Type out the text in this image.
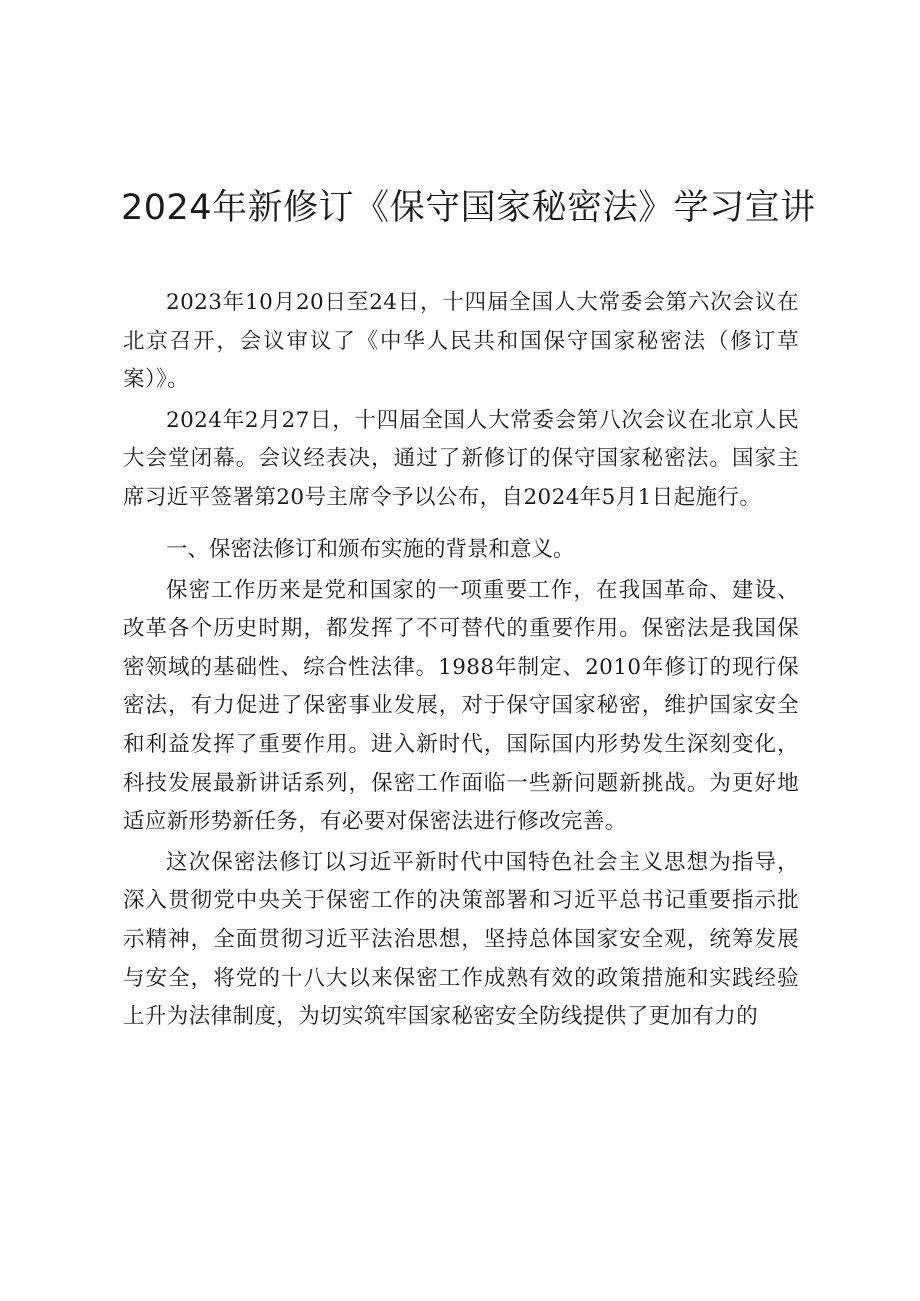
2024年新修订《保守国家秘密法》学习宣讲

2023年10月20日至24日，十四届全国人大常委会第六次会议在北京召开，会议审议了《中华人民共和国保守国家秘密法（修订草案）》。

2024年2月27日，十四届全国人大常委会第八次会议在北京人民大会堂闭幕。会议经表决，通过了新修订的保守国家秘密法。国家主席习近平签署第20号主席令予以公布，自2024年5月1日起施行。

一、保密法修订和颁布实施的背景和意义。

保密工作历来是党和国家的一项重要工作，在我国革命、建设、改革各个历史时期，都发挥了不可替代的重要作用。保密法是我国保密领域的基础性、综合性法律。1988年制定、2010年修订的现行保密法，有力促进了保密事业发展，对于保守国家秘密，维护国家安全和利益发挥了重要作用。进入新时代，国际国内形势发生深刻变化，科技发展最新讲话系列，保密工作面临一些新问题新挑战。为更好地适应新形势新任务，有必要对保密法进行修改完善。

这次保密法修订以习近平新时代中国特色社会主义思想为指导，深入贯彻党中央关于保密工作的决策部署和习近平总书记重要指示批示精神，全面贯彻习近平法治思想，坚持总体国家安全观，统筹发展与安全，将党的十八大以来保密工作成熟有效的政策措施和实践经验上升为法律制度，为切实筑牢国家秘密安全防线提供了更加有力的
